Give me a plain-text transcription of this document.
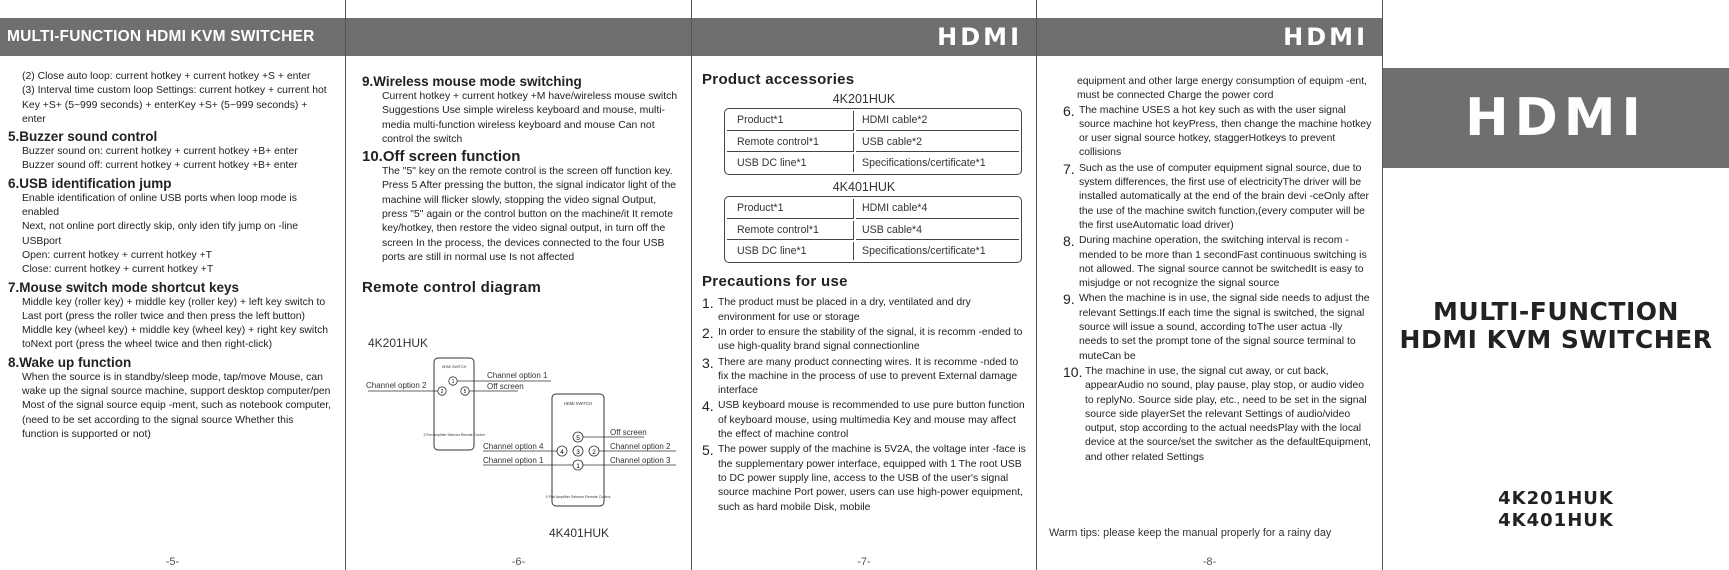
MULTI-FUNCTION HDMI KVM SWITCHER

(2) Close auto loop: current hotkey + current hotkey +S + enter

(3) Interval time custom loop Settings: current hotkey + current hot Key +S+ (5~999 seconds) + enterKey +S+ (5~999 seconds) + enter

5.Buzzer sound control

Buzzer sound on: current hotkey + current hotkey +B+ enter

Buzzer sound off: current hotkey + current hotkey +B+ enter

6.USB identification jump

Enable identification of online USB ports when loop mode is enabled

Next, not online port directly skip, only iden tify jump on -line USBport

Open: current hotkey + current hotkey +T

Close: current hotkey + current hotkey +T

7.Mouse switch mode shortcut keys

Middle key (roller key) + middle key (roller key) + left key switch to

Last port (press the roller twice and then press the left button) Middle key (wheel key) + middle key (wheel key) + right key switch toNext port (press the wheel twice and then right-click)

8.Wake up function

When the source is in standby/sleep mode, tap/move Mouse, can wake up the signal source machine, support desktop computer/pen Most of the signal source equip -ment, such as notebook computer,(need to be set according to the signal source Whether this function is supported or not)

-5-
9.Wireless mouse mode switching

Current hotkey + current hotkey +M have/wireless mouse switch Suggestions Use simple wireless keyboard and mouse, multi-media multi-function wireless keyboard and mouse Can not control the switch

10.Off screen function

The "5" key on the remote control is the screen off function key. Press 5 After pressing the button, the signal indicator light of the machine will flicker slowly, stopping the video signal Output, press "5" again or the control button on the machine/it It remote key/hotkey, then restore the video signal output, in turn off the screen In the process, the devices connected to the four USB ports are still in normal use Is not affected

Remote control diagram
4K201HUK
HDMI SWITCH
1
2	5
2 Port Amplifier Selector Remote Control
Channel option 1
Off screen
Channel option 2
HDMI SWITCH
5
4 3 2
1
4 Port Amplifier Selector Remote Control
Off screen
Channel option 2
Channel option 3
Channel option 4
Channel option 1
4K401HUK
-6-
HDMI
Product accessories
4K201HUK
Product*1	HDMI cable*2
Remote control*1	USB cable*2
USB DC line*1	Specifications/certificate*1
4K401HUK
Product*1	HDMI cable*4
Remote control*1	USB cable*4
USB DC line*1	Specifications/certificate*1
Precautions for use
1. The product must be placed in a dry, ventilated and dry environment for use or storage
2. In order to ensure the stability of the signal, it is recomm -ended to use high-quality brand signal connectionline
3. There are many product connecting wires. It is recomme -nded to fix the machine in the process of use to prevent External damage interface
4. USB keyboard mouse is recommended to use pure button function of keyboard mouse, using multimedia Key and mouse may affect the effect of machine control
5. The power supply of the machine is 5V2A, the voltage inter -face is the supplementary power interface, equipped with 1 The root USB to DC power supply line, access to the USB of the user's signal source machine Port power, users can use high-power equipment, such as hard mobile Disk, mobile
-7-
HDMI

equipment and other large energy consumption of equipm -ent, must be connected Charge the power cord

6. The machine USES a hot key such as with the user signal source machine hot keyPress, then change the machine hotkey or user signal source hotkey, staggerHotkeys to prevent collisions
7. Such as the use of computer equipment signal source, due to system differences, the first use of electricityThe driver will be installed automatically at the end of the brain devi -ceOnly after the use of the machine switch function,(every computer will be the first useAutomatic load driver)
8. During machine operation, the switching interval is recom -mended to be more than 1 secondFast continuous switching is not allowed. The signal source cannot be switchedIt is easy to misjudge or not recognize the signal source
9. When the machine is in use, the signal side needs to adjust the relevant Settings.If each time the signal is switched, the signal source will issue a sound, according toThe user actua -lly needs to set the prompt tone of the signal source terminal to muteCan be
10. The machine in use, the signal cut away, or cut back, appearAudio no sound, play pause, play stop, or audio video to replyNo. Source side play, etc., need to be set in the signal source side playerSet the relevant Settings of audio/video output, stop according to the actual needsPlay with the local device at the source/set the switcher as the defaultEquipment, and other related Settings
Warm tips: please keep the manual properly for a rainy day
-8-
HDMI
MULTI-FUNCTION
HDMI KVM SWITCHER
4K201HUK
4K401HUK
